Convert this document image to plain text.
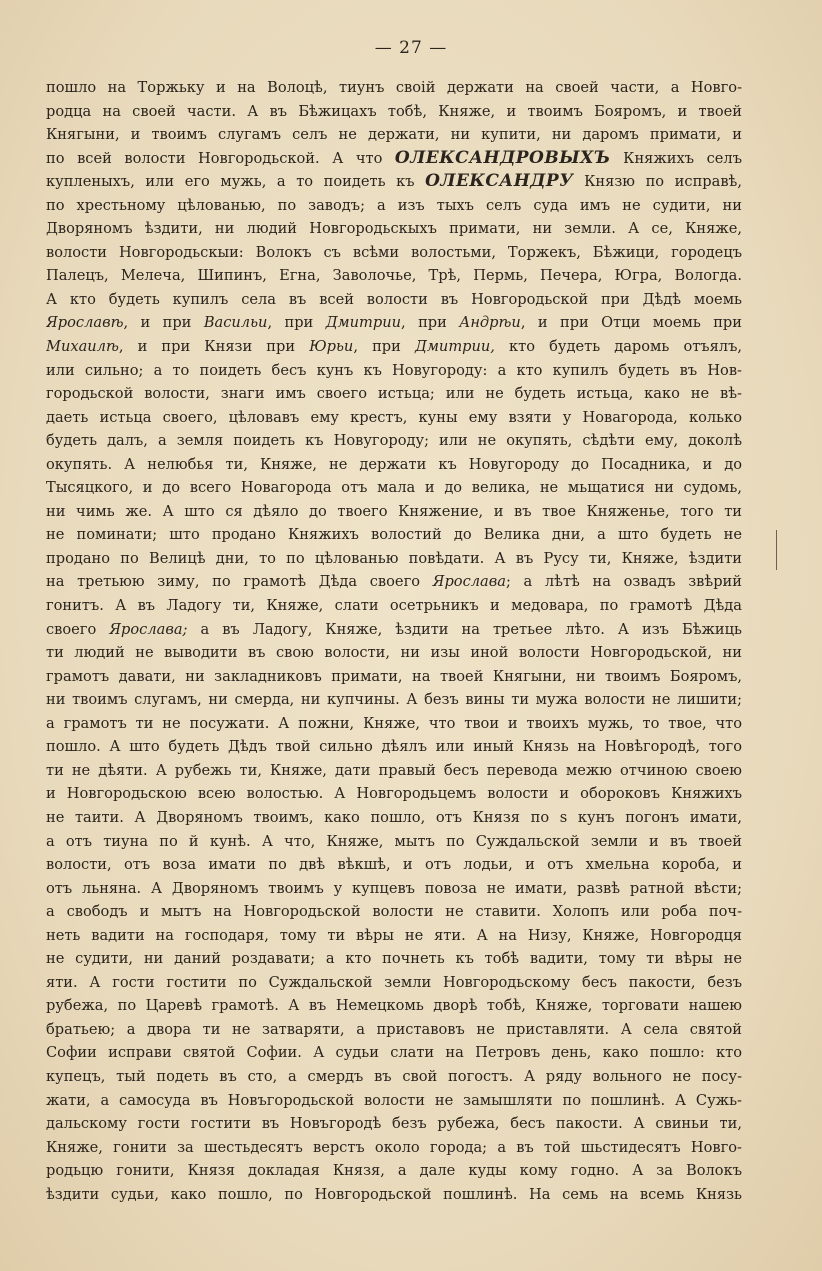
— 27 —
пошло на Торжьку и на Волоцѣ, тиунъ своій держати на своей части, а Новго-
родца на своей части. А въ Бѣжицахъ тобѣ, Княже, и твоимъ Бояромъ, и твоей
Княгыни, и твоимъ слугамъ селъ не держати, ни купити, ни даромъ примати, и
по всей волости Новгородьской. А что ОЛЕКСАНДРОВЫХЪ Княжихъ селъ
купленыхъ, или его мужь, а то поидеть къ ОЛЕКСАНДРУ Князю по исправѣ,
по хрестьному цѣлованью, по заводъ; а изъ тыхъ селъ суда имъ не судити, ни
Дворяномъ ѣздити, ни людий Новгородьскыхъ примати, ни земли. А се, Княже,
волости Новгородьскыи: Волокъ съ всѣми волостьми, Торжекъ, Бѣжици, городецъ
Палецъ, Мелеча, Шипинъ, Егна, Заволочье, Трѣ, Пермь, Печера, Югра, Вологда.
А кто будеть купилъ села въ всей волости въ Новгородьской при Дѣдѣ моемь
Ярославѣ, и при Васильи, при Дмитрии, при Андрѣи, и при Отци моемь при
Михаилѣ, и при Князи при Юрьи, при Дмитрии, кто будеть даромь отъялъ,
или сильно; а то поидеть бесъ кунъ къ Новугороду: а кто купилъ будеть въ Нов-
городьской волости, знаги имъ своего истьца; или не будеть истьца, како не вѣ-
даеть истьца своего, цѣловавъ ему крестъ, куны ему взяти у Новагорода, колько
будеть далъ, а земля поидеть къ Новугороду; или не окупять, сѣдѣти ему, доколѣ
окупять. А нелюбья ти, Княже, не держати къ Новугороду до Посадника, и до
Тысяцкого, и до всего Новагорода отъ мала и до велика, не мьщатися ни судомь,
ни чимь же. А што ся дѣяло до твоего Княжение, и въ твое Княженье, того ти
не поминати; што продано Княжихъ волостий до Велика дни, а што будеть не
продано по Велицѣ дни, то по цѣлованью повѣдати. А въ Русу ти, Княже, ѣздити
на третьюю зиму, по грамотѣ Дѣда своего Ярослава; а лѣтѣ на озвадъ звѣрий
гонитъ. А въ Ладогу ти, Княже, слати осетрьникъ и медовара, по грамотѣ Дѣда
своего Ярослава; а въ Ладогу, Княже, ѣздити на третьее лѣто. А изъ Бѣжиць
ти людий не выводити въ свою волости, ни изы иной волости Новгородьской, ни
грамотъ давати, ни закладниковъ примати, на твоей Княгыни, ни твоимъ Бояромъ,
ни твоимъ слугамъ, ни смерда, ни купчины. А безъ вины ти мужа волости не лишити;
а грамотъ ти не посужати. А пожни, Княже, что твои и твоихъ мужь, то твое, что
пошло. А што будеть Дѣдъ твой сильно дѣялъ или иный Князь на Новѣгородѣ, того
ти не дѣяти. А рубежь ти, Княже, дати правый бесъ перевода межю отчиною своею
и Новгородьскою всею волостью. А Новгородьцемъ волости и обороковъ Княжихъ
не таити. А Дворяномъ твоимъ, како пошло, отъ Князя по ѕ кунъ погонъ имати,
а отъ тиуна по й кунѣ. А что, Княже, мытъ по Суждальской земли и въ твоей
волости, отъ воза имати по двѣ вѣкшѣ, и отъ лодьи, и отъ хмельна короба, и
отъ льняна. А Дворяномъ твоимъ у купцевъ повоза не имати, развѣ ратной вѣсти;
а свободъ и мытъ на Новгородьской волости не ставити. Холопъ или роба поч-
неть вадити на господаря, тому ти вѣры не яти. А на Низу, Княже, Новгородця
не судити, ни даний роздавати; а кто почнеть къ тобѣ вадити, тому ти вѣры не
яти. А гости гостити по Суждальской земли Новгородьскому бесъ пакости, безъ
рубежа, по Царевѣ грамотѣ. А въ Немецкомь дворѣ тобѣ, Княже, торговати нашею
братьею; а двора ти не затваряти, а приставовъ не приставляти. А села святой
Софии исправи святой Софии. А судьи слати на Петровъ день, како пошло: кто
купецъ, тый подеть въ сто, а смердъ въ свой погостъ. А ряду вольного не посу-
жати, а самосуда въ Новъгородьской волости не замышляти по пошлинѣ. А Сужь-
дальскому гости гостити въ Новъгородѣ безъ рубежа, бесъ пакости. А свиньи ти,
Княже, гонити за шестьдесятъ верстъ около города; а въ той шьстидесятъ Новго-
родьцю гонити, Князя докладая Князя, а дале куды кому годно. А за Волокъ
ѣздити судьи, како пошло, по Новгородьской пошлинѣ. На семь на всемь Князь
